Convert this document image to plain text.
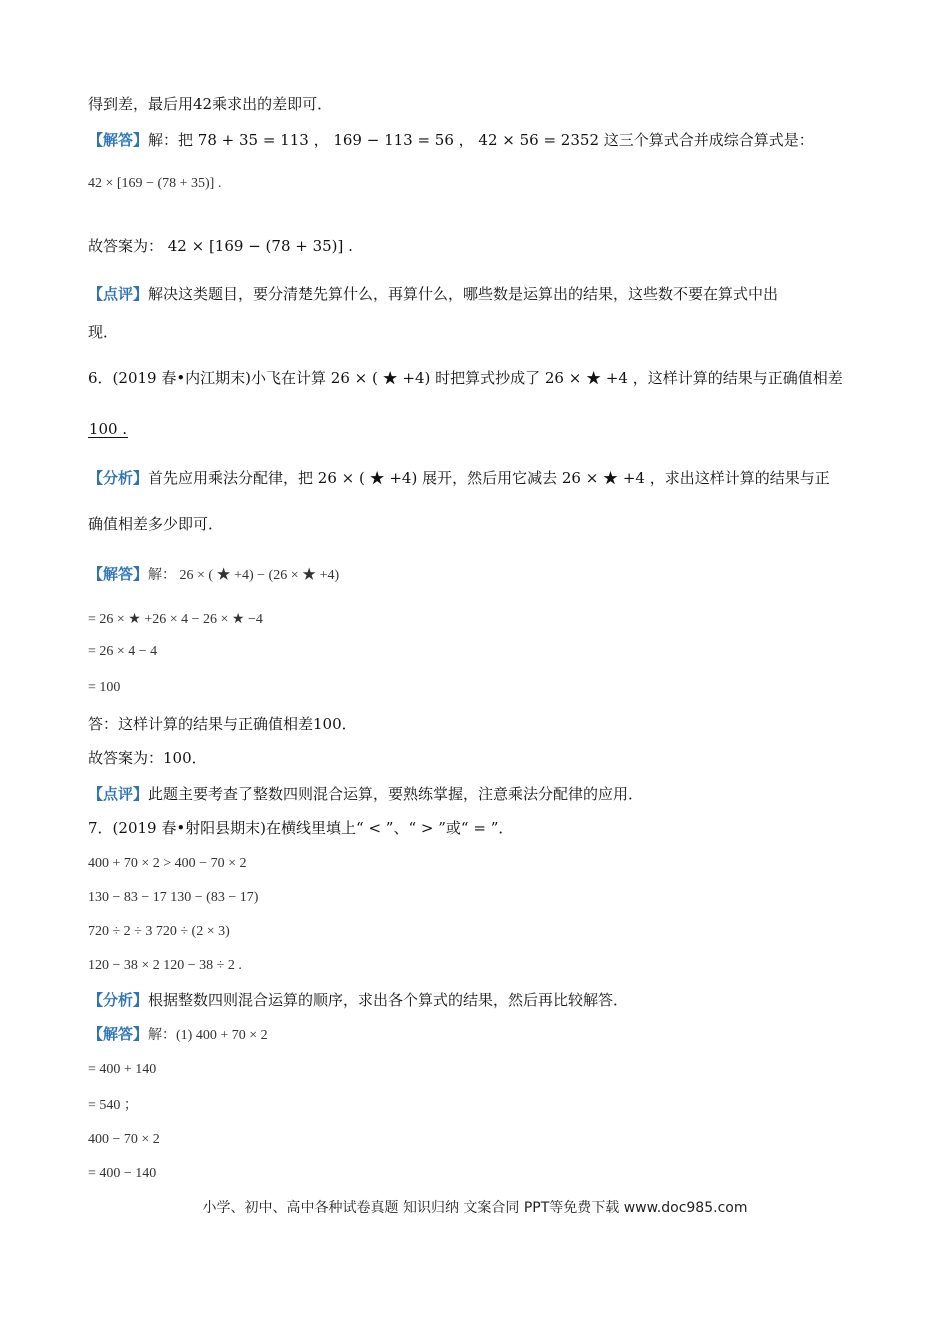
得到差，最后用42乘求出的差即可．
【解答】解：把 78 + 35 = 113 ， 169 − 113 = 56 ， 42 × 56 = 2352 这三个算式合并成综合算式是：
42 × [169 − (78 + 35)] .
故答案为： 42 × [169 − (78 + 35)] .
【点评】解决这类题目，要分清楚先算什么，再算什么，哪些数是运算出的结果，这些数不要在算式中出
现．
6．(2019 春•内江期末)小飞在计算 26 × ( ★ +4) 时把算式抄成了 26 × ★ +4 ，这样计算的结果与正确值相差
100 .
【分析】首先应用乘法分配律，把 26 × ( ★ +4) 展开，然后用它减去 26 × ★ +4 ，求出这样计算的结果与正
确值相差多少即可．
【解答】解： 26 × ( ★ +4) − (26 × ★ +4)
= 26 × ★ +26 × 4 − 26 × ★ −4
= 26 × 4 − 4
= 100
答：这样计算的结果与正确值相差100．
故答案为：100．
【点评】此题主要考查了整数四则混合运算，要熟练掌握，注意乘法分配律的应用．
7．(2019 春•射阳县期末)在横线里填上“ < ”、“ > ”或“ = ”．
400 + 70 × 2 > 400 − 70 × 2
130 − 83 − 17 130 − (83 − 17)
720 ÷ 2 ÷ 3 720 ÷ (2 × 3)
120 − 38 × 2 120 − 38 ÷ 2 .
【分析】根据整数四则混合运算的顺序，求出各个算式的结果，然后再比较解答．
【解答】解：(1) 400 + 70 × 2
= 400 + 140
= 540 ；
400 − 70 × 2
= 400 − 140
小学、初中、高中各种试卷真题 知识归纳 文案合同 PPT等免费下载 www.doc985.com
